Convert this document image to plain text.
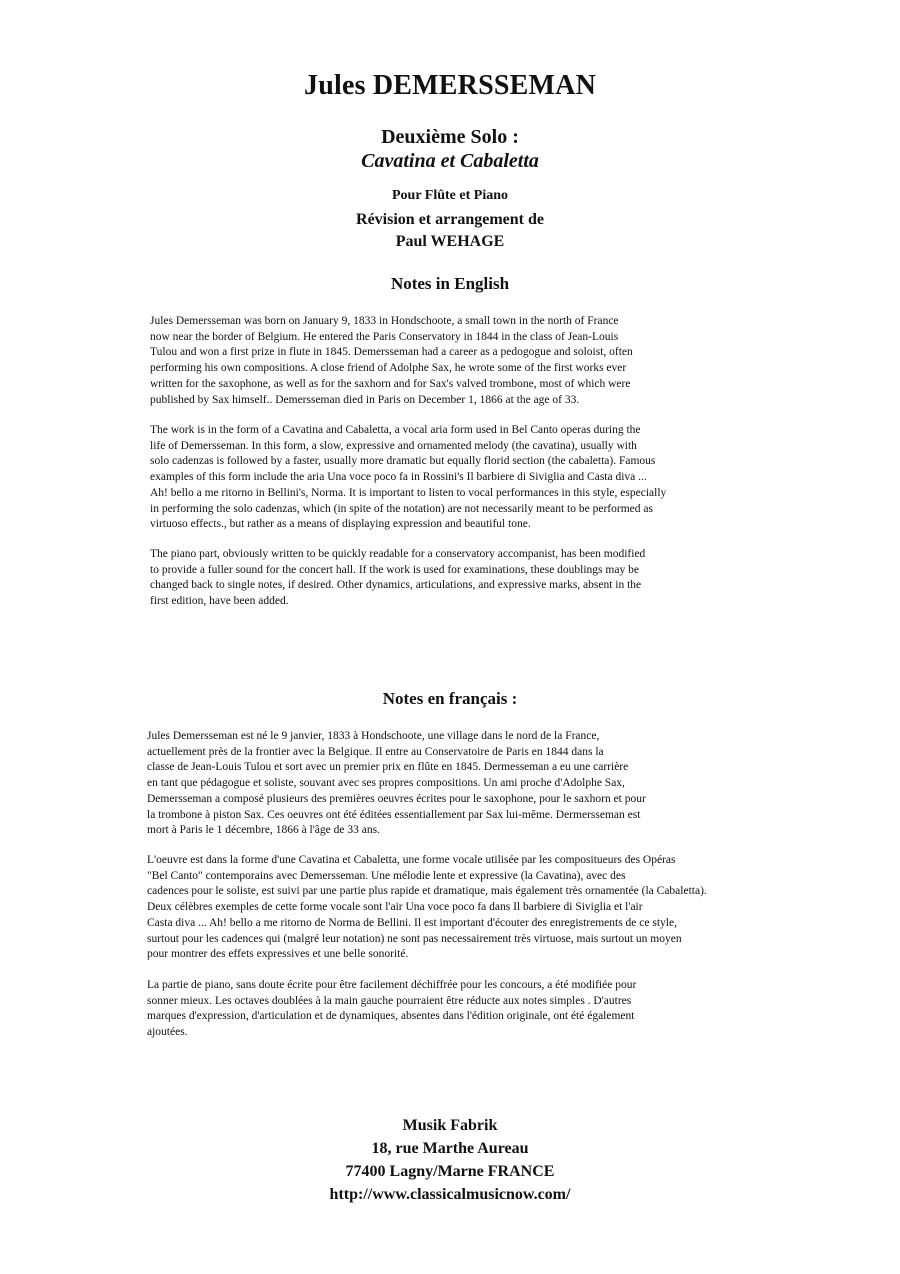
Jules DEMERSSEMAN
Deuxième Solo :
Cavatina et Cabaletta
Pour Flûte et Piano
Révision et arrangement de
Paul WEHAGE
Notes in English

Jules Demersseman was born on January 9, 1833 in Hondschoote, a small town in the north of France
now near the border of Belgium. He entered the Paris Conservatory in 1844 in the class of Jean-Louis
Tulou and won a first prize in flute in 1845. Demersseman had a career as a pedogogue and soloist, often
performing his own compositions. A close friend of Adolphe Sax, he wrote some of the first works ever
written for the saxophone, as well as for the saxhorn and for Sax's valved trombone, most of which were
published by Sax himself.. Demersseman died in Paris on December 1, 1866 at the age of 33.

The work is in the form of a Cavatina and Cabaletta, a vocal aria form used in Bel Canto operas during the
life of Demersseman. In this form, a slow, expressive and ornamented melody (the cavatina), usually with
solo cadenzas is followed by a faster, usually more dramatic but equally florid section (the cabaletta). Famous
examples of this form include the aria Una voce poco fa in Rossini's Il barbiere di Siviglia and Casta diva ...
Ah! bello a me ritorno in Bellini's, Norma. It is important to listen to vocal performances in this style, especially
in performing the solo cadenzas, which (in spite of the notation) are not necessarily meant to be performed as
virtuoso effects., but rather as a means of displaying expression and beautiful tone.

The piano part, obviously written to be quickly readable for a conservatory accompanist, has been modified
to provide a fuller sound for the concert hall. If the work is used for examinations, these doublings may be
changed back to single notes, if desired. Other dynamics, articulations, and expressive marks, absent in the
first edition, have been added.

Notes en français :

Jules Demersseman est né le 9 janvier, 1833 à Hondschoote, une village dans le nord de la France,
actuellement près de la frontier avec la Belgique. Il entre au Conservatoire de Paris en 1844 dans la
classe de Jean-Louis Tulou et sort avec un premier prix en flûte en 1845. Dermesseman a eu une carrière
en tant que pédagogue et soliste, souvant avec ses propres compositions. Un ami proche d'Adolphe Sax,
Demersseman a composé plusieurs des premières oeuvres écrites pour le saxophone, pour le saxhorn et pour
la trombone à piston Sax. Ces oeuvres ont été éditées essentiallement par Sax lui-même. Dermersseman est
mort à Paris le 1 décembre, 1866 à l'âge de 33 ans.

L'oeuvre est dans la forme d'une Cavatina et Cabaletta, une forme vocale utilisée par les compositueurs des Opéras
"Bel Canto" contemporains avec Demersseman. Une mélodie lente et expressive (la Cavatina), avec des
cadences pour le soliste, est suivi par une partie plus rapide et dramatique, mais également très ornamentée (la Cabaletta).
Deux célèbres exemples de cette forme vocale sont l'air Una voce poco fa dans Il barbiere di Siviglia et l'air
Casta diva ... Ah! bello a me ritorno de Norma de Bellini. Il est important d'écouter des enregistrements de ce style,
surtout pour les cadences qui (malgré leur notation) ne sont pas necessairement très virtuose, mais surtout un moyen
pour montrer des effets expressives et une belle sonorité.

La partie de piano, sans doute écrite pour être facilement déchiffrée pour les concours, a été modifiée pour
sonner mieux. Les octaves doublées à la main gauche pourraient être réducte aux notes simples . D'autres
marques d'expression, d'articulation et de dynamiques, absentes dans l'édition originale, ont été également
ajoutées.

Musik Fabrik
18, rue Marthe Aureau
77400 Lagny/Marne FRANCE
http://www.classicalmusicnow.com/
